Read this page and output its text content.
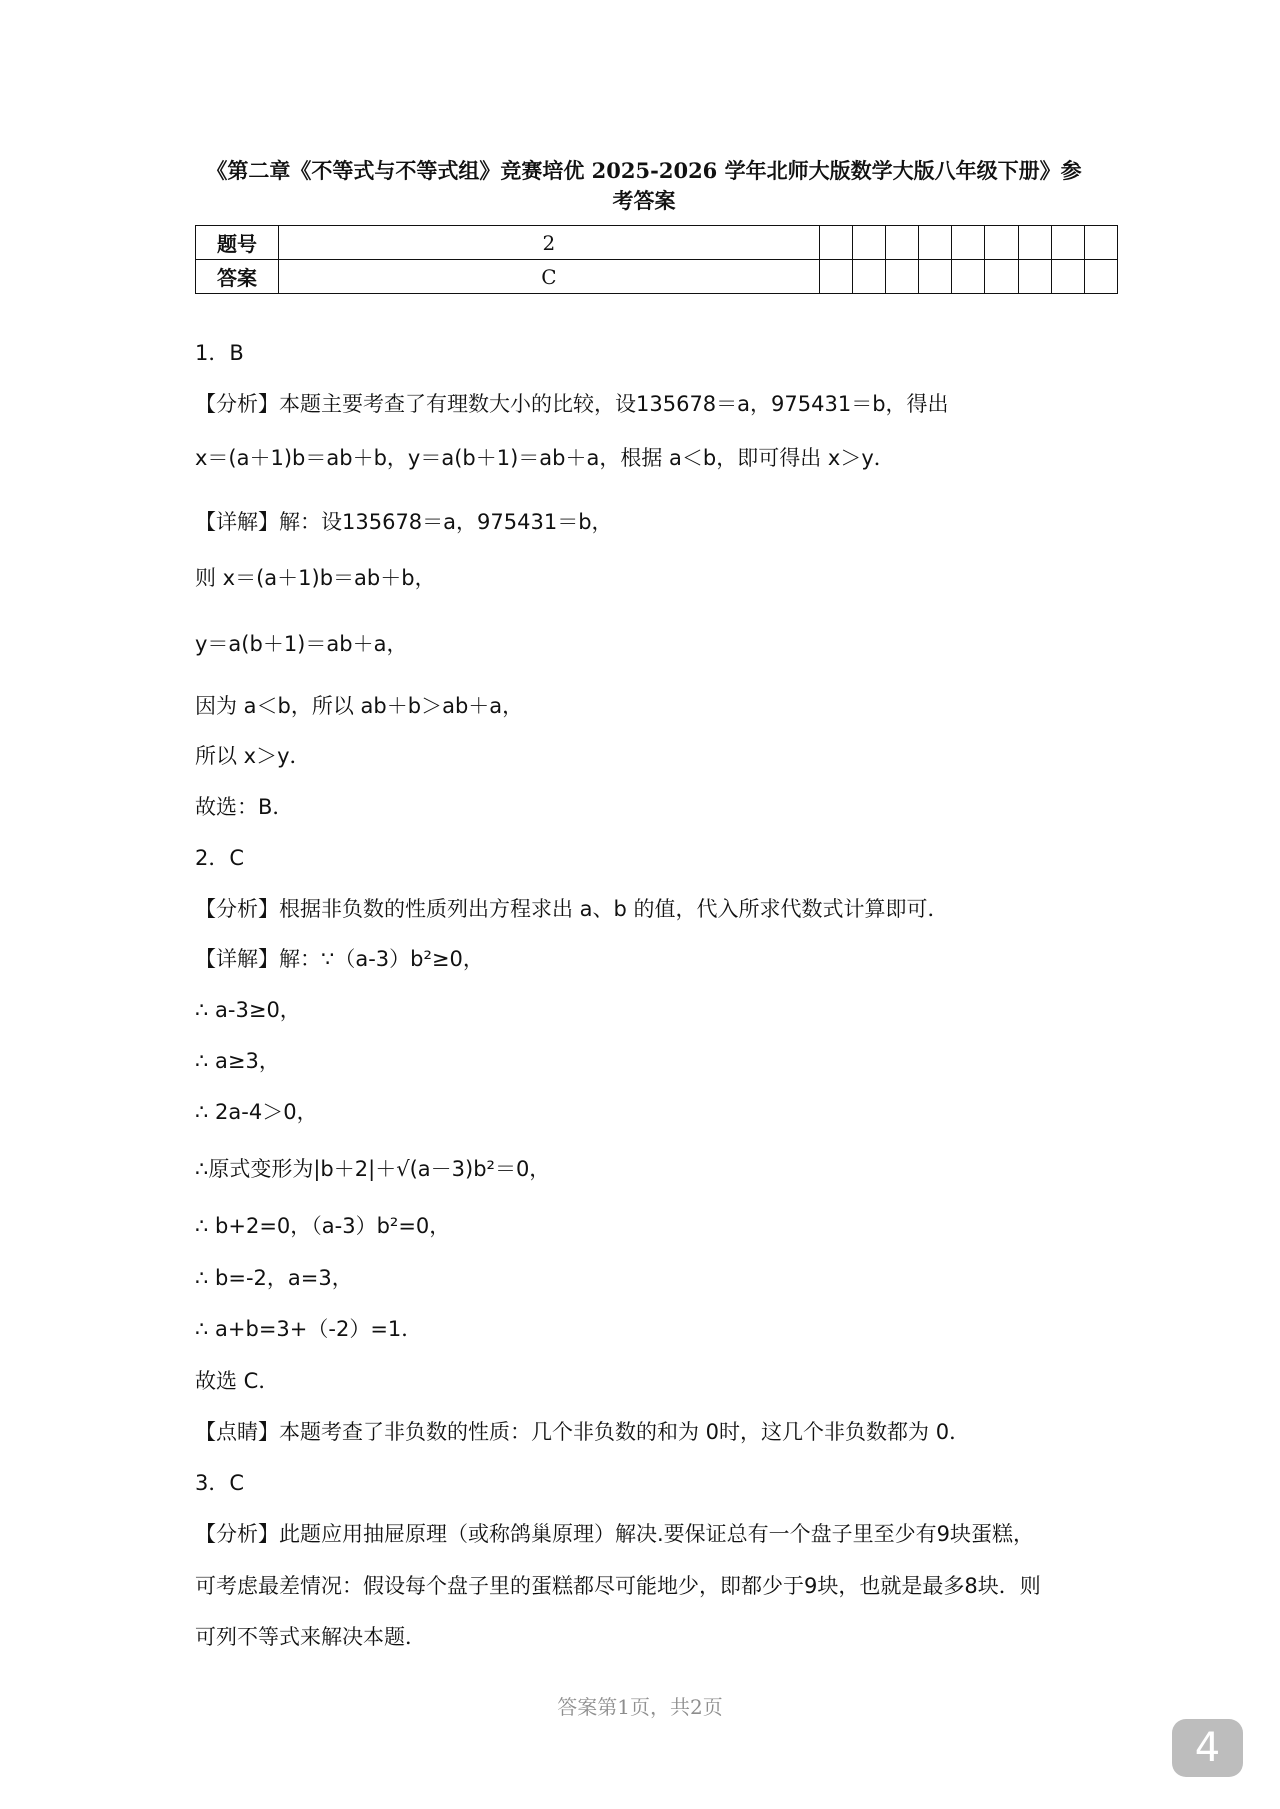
《第二章《不等式与不等式组》竞赛培优 2025-2026 学年北师大版数学大版八年级下册》参
考答案
题号	2									
答案	C									
1．B
【分析】本题主要考查了有理数大小的比较，设135678＝a，975431＝b，得出
x＝(a＋1)b＝ab＋b，y＝a(b＋1)＝ab＋a，根据 a＜b，即可得出 x＞y．
【详解】解：设135678＝a，975431＝b，
则 x＝(a＋1)b＝ab＋b，
y＝a(b＋1)＝ab＋a，
因为 a＜b，所以 ab＋b＞ab＋a，
所以 x＞y．
故选：B．
2．C
【分析】根据非负数的性质列出方程求出 a、b 的值，代入所求代数式计算即可．
【详解】解：∵（a-3）b²≥0，
∴ a-3≥0，
∴ a≥3，
∴ 2a-4＞0，
∴原式变形为|b＋2|＋√(a－3)b²＝0，
∴ b+2=0，（a-3）b²=0，
∴ b=-2，a=3，
∴ a+b=3+（-2）=1．
故选 C．
【点睛】本题考查了非负数的性质：几个非负数的和为 0时，这几个非负数都为 0．
3．C
【分析】此题应用抽屉原理（或称鸽巢原理）解决.要保证总有一个盘子里至少有9块蛋糕，
可考虑最差情况：假设每个盘子里的蛋糕都尽可能地少，即都少于9块，也就是最多8块．则
可列不等式来解决本题．
答案第1页，共2页
4
